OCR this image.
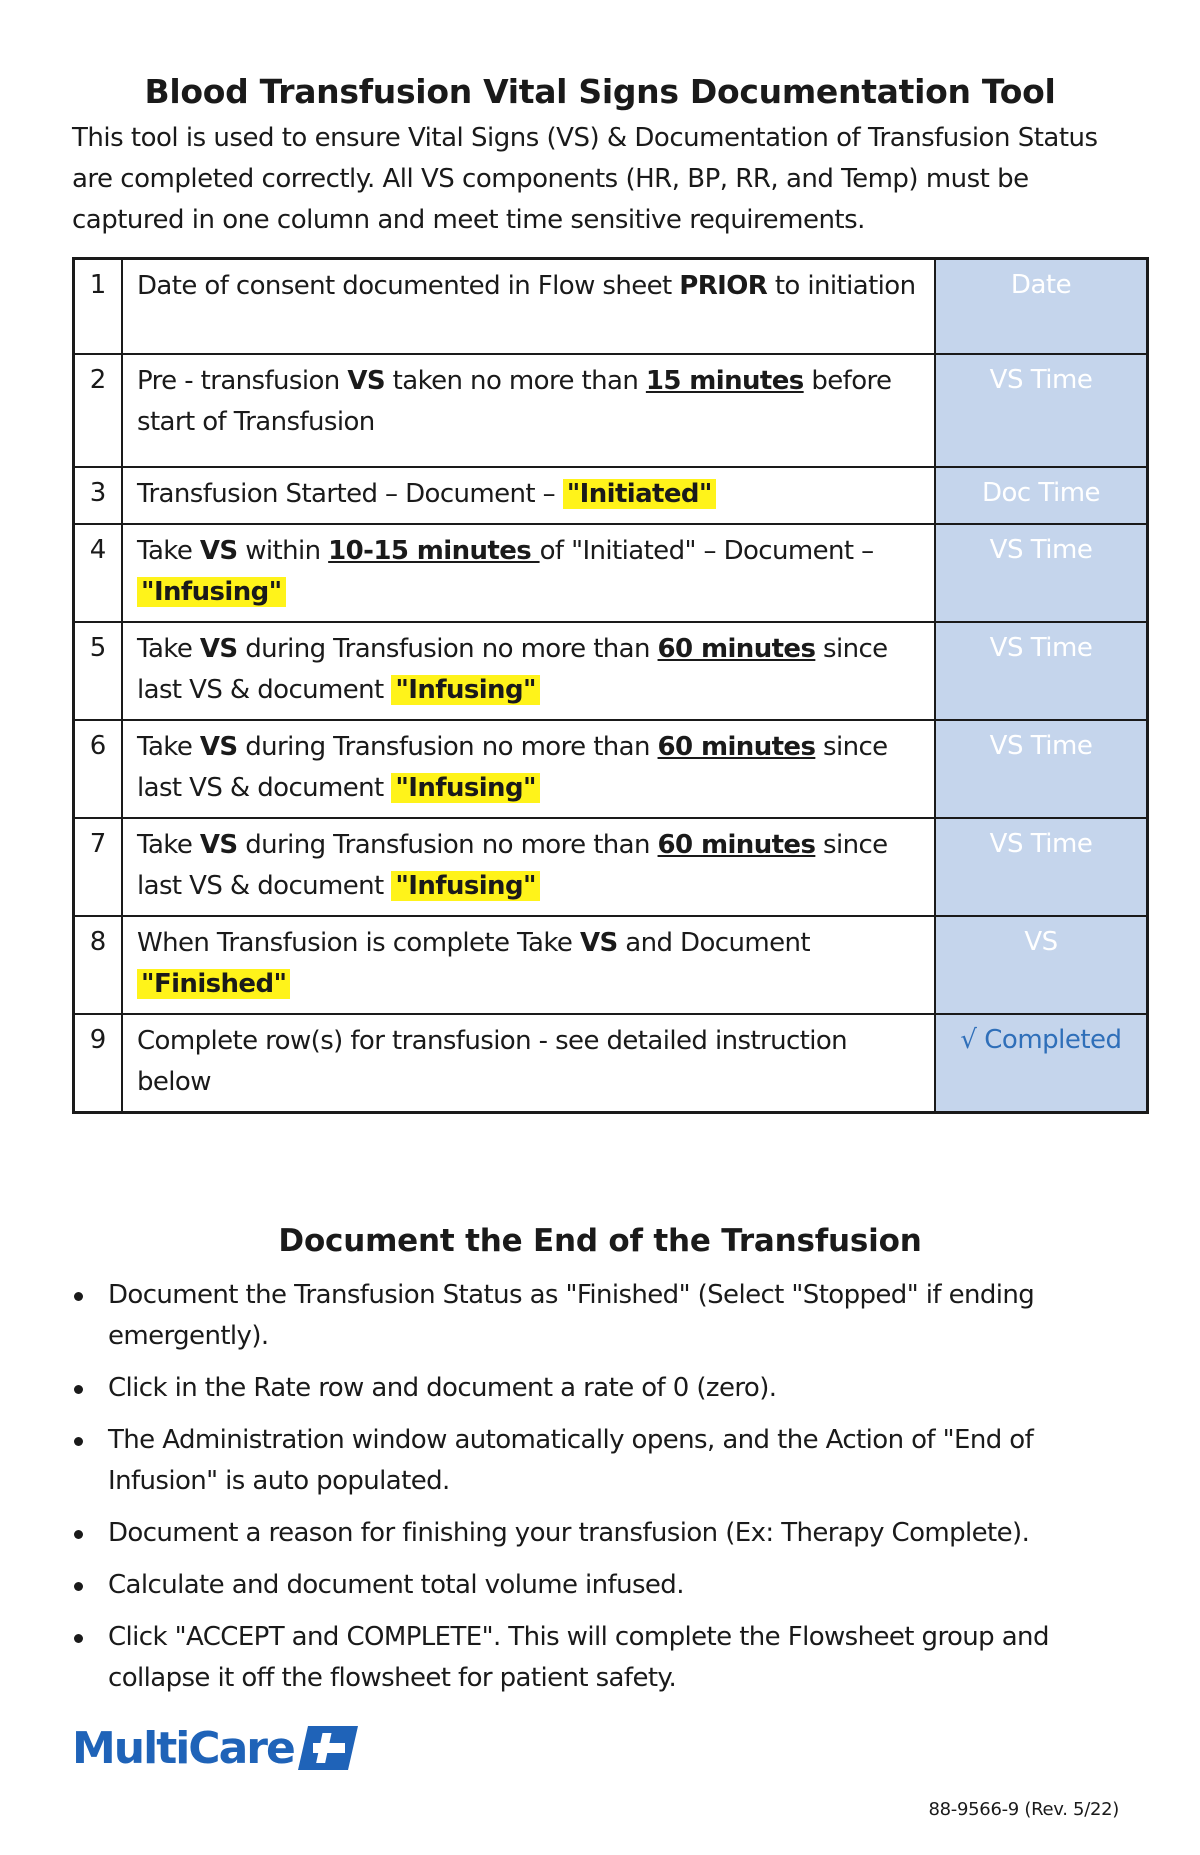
Blood Transfusion Vital Signs Documentation Tool
This tool is used to ensure Vital Signs (VS) & Documentation of Transfusion Status are completed correctly. All VS components (HR, BP, RR, and Temp) must be captured in one column and meet time sensitive requirements.
1	Date of consent documented in Flow sheet PRIOR to initiation	Date
2	Pre - transfusion VS taken no more than 15 minutes before start of Transfusion	VS Time
3	Transfusion Started – Document – "Initiated"	Doc Time
4	Take VS within 10-15 minutes of "Initiated" – Document – "Infusing"	VS Time
5	Take VS during Transfusion no more than 60 minutes since last VS & document "Infusing"	VS Time
6	Take VS during Transfusion no more than 60 minutes since last VS & document "Infusing"	VS Time
7	Take VS during Transfusion no more than 60 minutes since last VS & document "Infusing"	VS Time
8	When Transfusion is complete Take VS and Document "Finished"	VS
9	Complete row(s) for transfusion - see detailed instruction below	√ Completed
Document the End of the Transfusion
Document the Transfusion Status as "Finished" (Select "Stopped" if ending emergently).
Click in the Rate row and document a rate of 0 (zero).
The Administration window automatically opens, and the Action of "End of Infusion" is auto populated.
Document a reason for finishing your transfusion (Ex: Therapy Complete).
Calculate and document total volume infused.
Click "ACCEPT and COMPLETE". This will complete the Flowsheet group and collapse it off the flowsheet for patient safety.
MultiCare
88-9566-9 (Rev. 5/22)
